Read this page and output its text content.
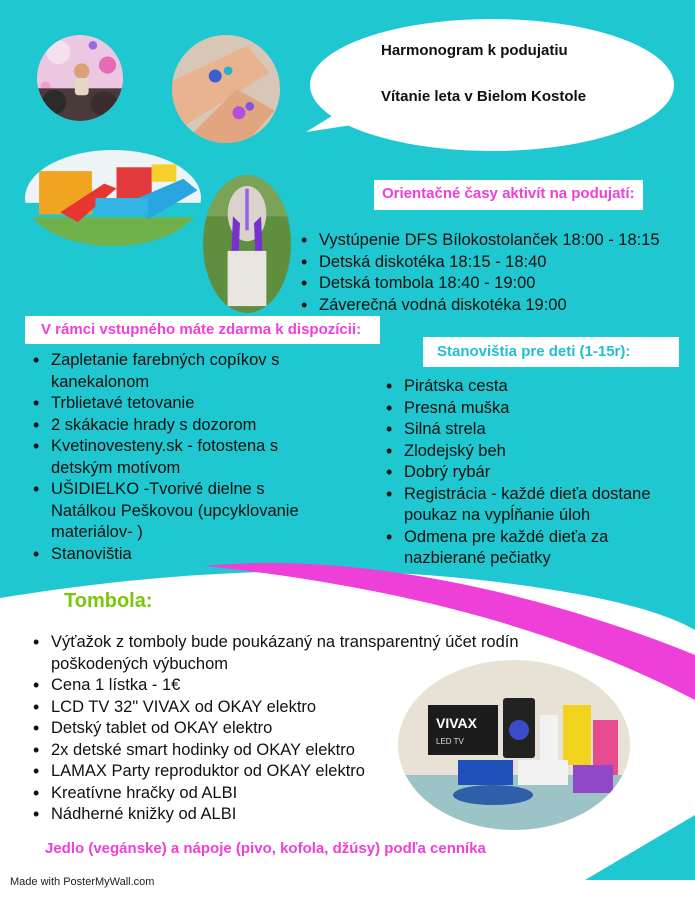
Harmonogram k podujatiu
Vítanie leta v Bielom Kostole
Orientačné časy aktivít na podujatí:
• Vystúpenie DFS Bílokostolanček 18:00 - 18:15
• Detská diskotéka 18:15 - 18:40
• Detská tombola 18:40 - 19:00
• Záverečná vodná diskotéka 19:00
V rámci vstupného máte zdarma k dispozícii:
• Zapletanie farebných copíkov s kanekalonom
• Trblietavé tetovanie
• 2 skákacie hrady s dozorom
• Kvetinovesteny.sk - fotostena s detským motívom
• UŠIDIELKO -Tvorivé dielne s Natálkou Peškovou (upcyklovanie materiálov- )
• Stanovištia
Stanovištia pre deti (1-15r):
• Pirátska cesta
• Presná muška
• Silná strela
• Zlodejský beh
• Dobrý rybár
• Registrácia - každé dieťa dostane poukaz na vypĺňanie úloh
• Odmena pre každé dieťa za nazbierané pečiatky
Tombola:
• Výťažok z tomboly bude poukázaný na transparentný účet rodín poškodených výbuchom
• Cena 1 lístka - 1€
• LCD TV 32" VIVAX od OKAY elektro
• Detský tablet od OKAY elektro
• 2x detské smart hodinky od OKAY elektro
• LAMAX Party reproduktor od OKAY elektro
• Kreatívne hračky od ALBI
• Nádherné knižky od ALBI
VIVAX
LED TV
Jedlo (vegánske) a nápoje (pivo, kofola, džúsy) podľa cenníka
Made with PosterMyWall.com
